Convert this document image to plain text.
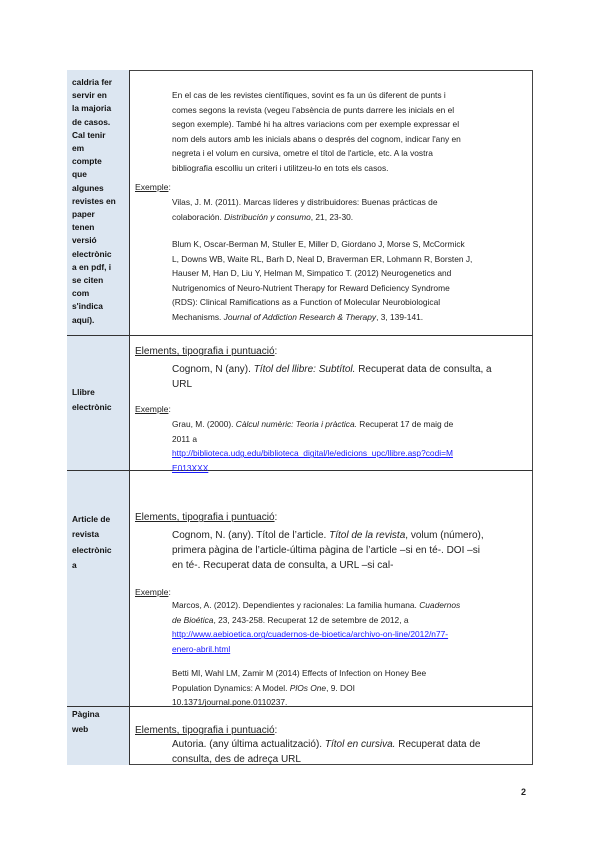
caldria fer
servir en
la majoria
de casos.
Cal tenir
em
compte
que
algunes
revistes en
paper
tenen
versió
electrònic
a en pdf, i
se citen
com
s'indica
aquí).
En el cas de les revistes científiques, sovint es fa un ús diferent de punts i
comes segons la revista (vegeu l’absència de punts darrere les inicials en el
segon exemple). També hi ha altres variacions com per exemple expressar el
nom dels autors amb les inicials abans o després del cognom, indicar l'any en
negreta i el volum en cursiva, ometre el títol de l'article, etc. A la vostra
bibliografia escolliu un criteri i utilitzeu-lo en tots els casos.
Exemple:
Vilas, J. M. (2011). Marcas líderes y distribuidores: Buenas prácticas de
colaboración. Distribución y consumo, 21, 23-30.
Blum K, Oscar-Berman M, Stuller E, Miller D, Giordano J, Morse S, McCormick
L, Downs WB, Waite RL, Barh D, Neal D, Braverman ER, Lohmann R, Borsten J,
Hauser M, Han D, Liu Y, Helman M, Simpatico T. (2012) Neurogenetics and
Nutrigenomics of Neuro-Nutrient Therapy for Reward Deficiency Syndrome
(RDS): Clinical Ramifications as a Function of Molecular Neurobiological
Mechanisms. Journal of Addiction Research & Therapy, 3, 139-141.
Llibre
electrònic
Elements, tipografia i puntuació:
Cognom, N (any). Títol del llibre: Subtítol. Recuperat data de consulta, a
URL
Exemple:
Grau, M. (2000). Càlcul numèric: Teoria i pràctica. Recuperat 17 de maig de
2011 a
http://biblioteca.udg.edu/biblioteca_digital/le/edicions_upc/llibre.asp?codi=M
E013XXX
Article de
revista
electrònic
a
Elements, tipografia i puntuació:
Cognom, N. (any). Títol de l’article. Títol de la revista, volum (número),
primera pàgina de l’article-última pàgina de l’article –si en té-. DOI –si
en té-. Recuperat data de consulta, a URL –si cal-
Exemple:
Marcos, A. (2012). Dependientes y racionales: La familia humana. Cuadernos
de Bioética, 23, 243-258. Recuperat 12 de setembre de 2012, a
http://www.aebioetica.org/cuadernos-de-bioetica/archivo-on-line/2012/n77-
enero-abril.html
Betti MI, Wahl LM, Zamir M (2014) Effects of Infection on Honey Bee
Population Dynamics: A Model. PlOs One, 9. DOI
10.1371/journal.pone.0110237.
Pàgina
web	Elements, tipografia i puntuació:
Autoria. (any última actualització). Títol en cursiva. Recuperat data de
consulta, des de adreça URL
2
